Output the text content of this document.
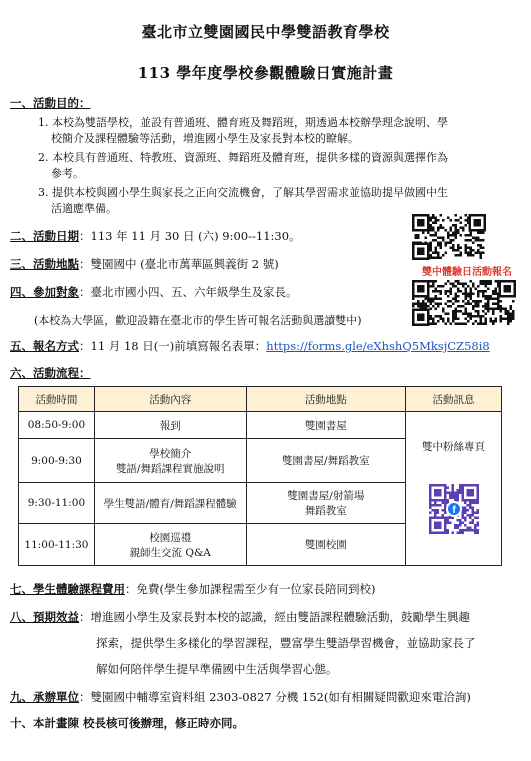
臺北市立雙園國民中學雙語教育學校
113 學年度學校參觀體驗日實施計畫
一、活動目的：
1. 本校為雙語學校，並設有普通班、體育班及舞蹈班，期透過本校辦學理念說明、學
校簡介及課程體驗等活動，增進國小學生及家長對本校的瞭解。
2. 本校具有普通班、特教班、資源班、舞蹈班及體育班，提供多樣的資源與選擇作為
參考。
3. 提供本校與國小學生與家長之正向交流機會，了解其學習需求並協助提早做國中生
活適應準備。
雙中體驗日活動報名
二、活動日期：113 年 11 月 30 日 (六) 9:00--11:30。
三、活動地點：雙園國中 (臺北市萬華區興義街 2 號)
四、參加對象：臺北市國小四、五、六年級學生及家長。
(本校為大學區，歡迎設籍在臺北市的學生皆可報名活動與選讀雙中)
五、報名方式：11 月 18 日(一)前填寫報名表單：https://forms.gle/eXhshQ5MksjCZ58i8
六、活動流程：
活動時間	活動內容	活動地點	活動訊息
08:50-9:00	報到	雙園書屋	雙中粉絲專頁
f

9:00-9:30	學校簡介
雙語/舞蹈課程實施說明	雙園書屋/舞蹈教室	
9:30-11:00	學生雙語/體育/舞蹈課程體驗	雙園書屋/射箭場
舞蹈教室	

11:00-11:30	校園巡禮
親師生交流 Q&A	雙園校園	
七、學生體驗課程費用：免費(學生參加課程需至少有一位家長陪同到校)
八、預期效益：增進國小學生及家長對本校的認識，經由雙語課程體驗活動，鼓勵學生興趣
探索，提供學生多樣化的學習課程，豐富學生雙語學習機會，並協助家長了
解如何陪伴學生提早準備國中生活與學習心態。
九、承辦單位：雙園國中輔導室資料組 2303-0827 分機 152(如有相關疑問歡迎來電洽詢)
十、本計畫陳 校長核可後辦理，修正時亦同。
